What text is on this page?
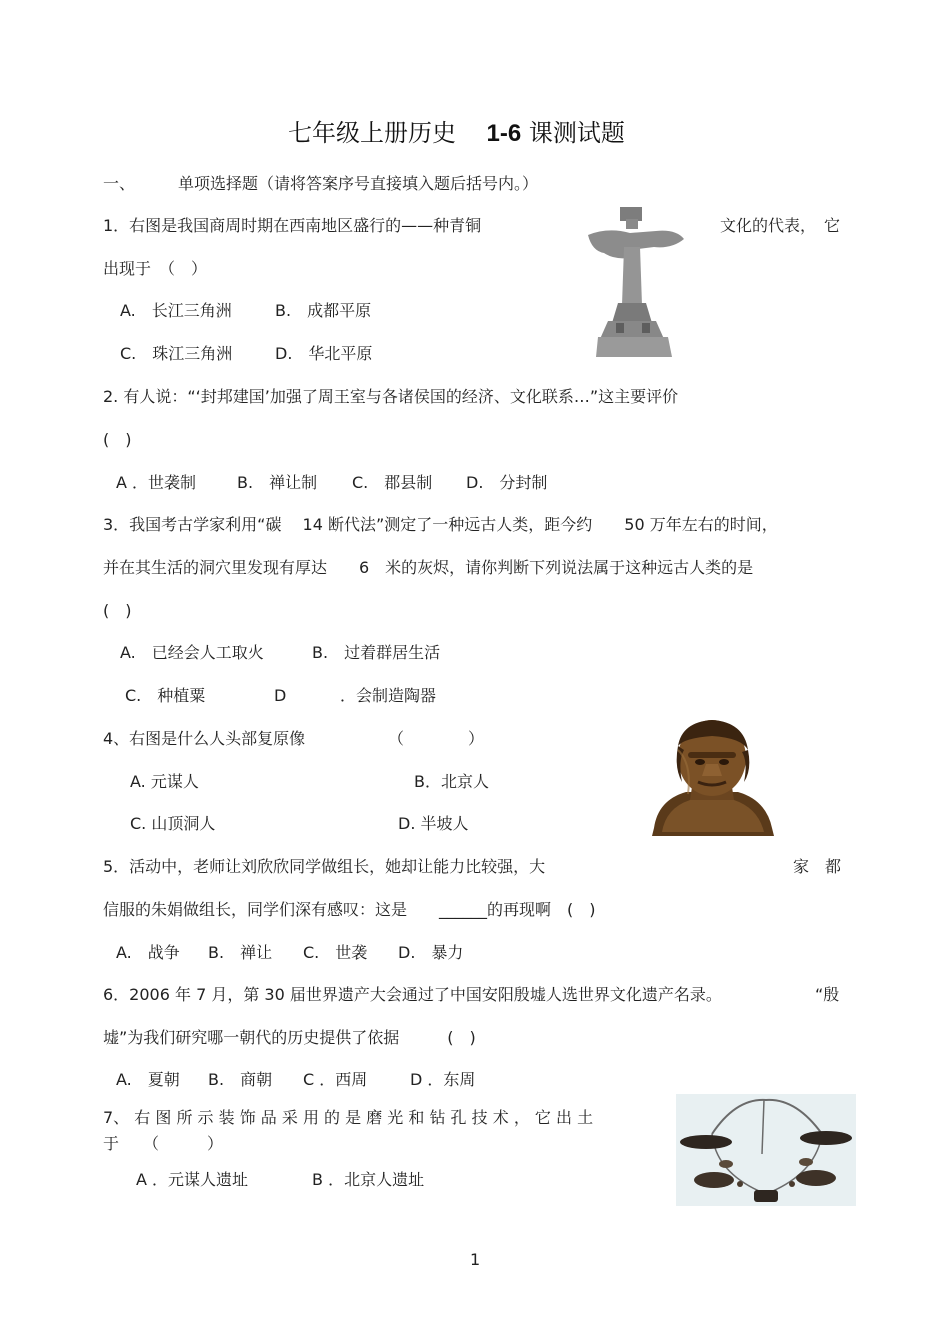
七年级上册历史 1-6 课测试题
一、	单项选择题（请将答案序号直接填入题后括号内。）
1．右图是我国商周时期在西南地区盛行的——种青铜	文化的代表，　它
出现于　（　）
A.　长江三角洲	B.　成都平原
C.　珠江三角洲	D.　华北平原
2. 有人说：“‘封邦建国’加强了周王室与各诸侯国的经济、文化联系…”这主要评价
(　)
A ．世袭制	B.　禅让制 C.　郡县制 D.　分封制
3．我国考古学家利用“碳　 14 断代法”测定了一种远古人类，距今约　　50 万年左右的时间，
并在其生活的洞穴里发现有厚达　　6　米的灰烬，请你判断下列说法属于这种远古人类的是
(　)
A.　已经会人工取火	B.　过着群居生活
C.　种植粟	D	．会制造陶器
4、右图是什么人头部复原像	（　　　　）
A. 元谋人	B．北京人
C. 山顶洞人	D. 半坡人
5．活动中，老师让刘欣欣同学做组长，她却让能力比较强，大	家　都
信服的朱娟做组长，同学们深有感叹：这是　　______的再现啊　(　)
A.　战争 B.　禅让 C.　世袭 D.　暴力
6．2006 年 7 月，第 30 届世界遗产大会通过了中国安阳殷墟人选世界文化遗产名录。	“殷
墟”为我们研究哪一朝代的历史提供了依据　　　(　)
A.　夏朝 B.　商朝 C ．西周	D ．东周
7、 右 图 所 示 装 饰 品 采 用 的 是 磨 光 和 钻 孔 技 术 ， 它 出 土
于　　（　　　）
A ．元谋人遗址	B ．北京人遗址
1
